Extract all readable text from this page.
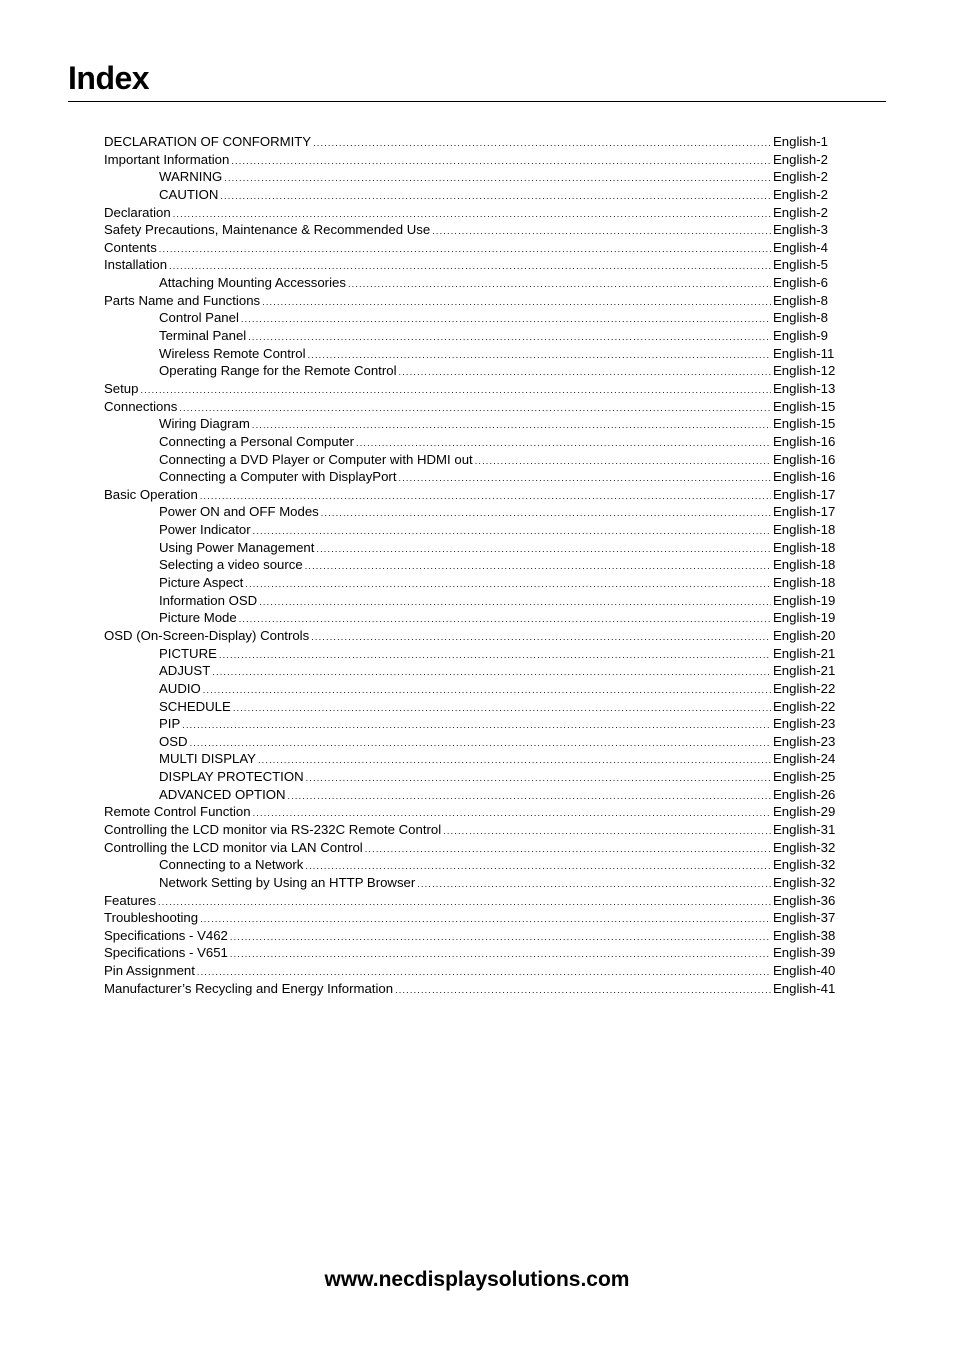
Index
DECLARATION OF CONFORMITY .....	English-1
Important Information .....	English-2
WARNING .....	English-2
CAUTION .....	English-2
Declaration .....	English-2
Safety Precautions, Maintenance & Recommended Use .....	English-3
Contents .....	English-4
Installation .....	English-5
Attaching Mounting Accessories .....	English-6
Parts Name and Functions .....	English-8
Control Panel .....	English-8
Terminal Panel .....	English-9
Wireless Remote Control .....	English-11
Operating Range for the Remote Control .....	English-12
Setup .....	English-13
Connections .....	English-15
Wiring Diagram .....	English-15
Connecting a Personal Computer .....	English-16
Connecting a DVD Player or Computer with HDMI out .....	English-16
Connecting a Computer with DisplayPort .....	English-16
Basic Operation .....	English-17
Power ON and OFF Modes .....	English-17
Power Indicator .....	English-18
Using Power Management .....	English-18
Selecting a video source .....	English-18
Picture Aspect .....	English-18
Information OSD .....	English-19
Picture Mode .....	English-19
OSD (On-Screen-Display) Controls .....	English-20
PICTURE .....	English-21
ADJUST .....	English-21
AUDIO .....	English-22
SCHEDULE .....	English-22
PIP .....	English-23
OSD .....	English-23
MULTI DISPLAY .....	English-24
DISPLAY PROTECTION .....	English-25
ADVANCED OPTION .....	English-26
Remote Control Function .....	English-29
Controlling the LCD monitor via RS-232C Remote Control .....	English-31
Controlling the LCD monitor via LAN Control .....	English-32
Connecting to a Network .....	English-32
Network Setting by Using an HTTP Browser .....	English-32
Features .....	English-36
Troubleshooting .....	English-37
Specifications - V462 .....	English-38
Specifications - V651 .....	English-39
Pin Assignment .....	English-40
Manufacturer’s Recycling and Energy Information .....	English-41
www.necdisplaysolutions.com
